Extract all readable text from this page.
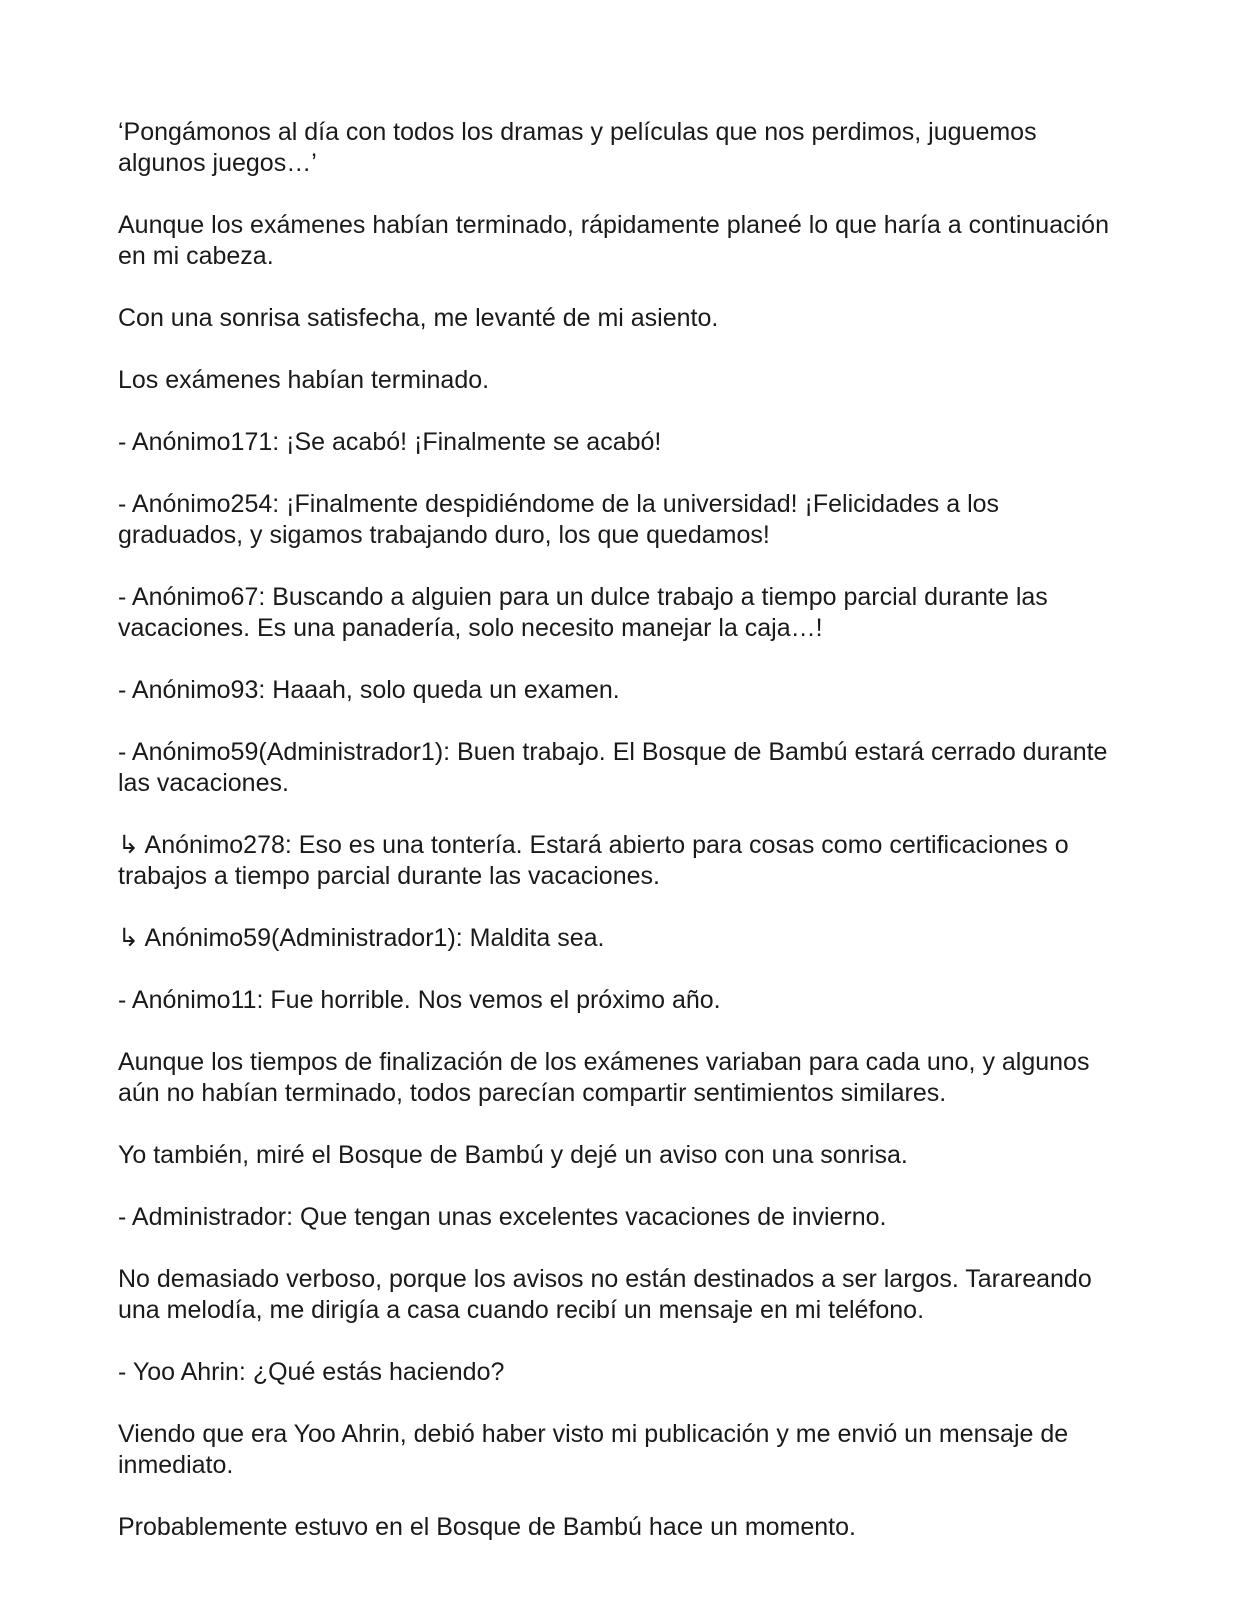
‘Pongámonos al día con todos los dramas y películas que nos perdimos, juguemos algunos juegos…’

Aunque los exámenes habían terminado, rápidamente planeé lo que haría a continuación en mi cabeza.

Con una sonrisa satisfecha, me levanté de mi asiento.

Los exámenes habían terminado.

- Anónimo171: ¡Se acabó! ¡Finalmente se acabó!

- Anónimo254: ¡Finalmente despidiéndome de la universidad! ¡Felicidades a los graduados, y sigamos trabajando duro, los que quedamos!

- Anónimo67: Buscando a alguien para un dulce trabajo a tiempo parcial durante las vacaciones. Es una panadería, solo necesito manejar la caja…!

- Anónimo93: Haaah, solo queda un examen.

- Anónimo59(Administrador1): Buen trabajo. El Bosque de Bambú estará cerrado durante las vacaciones.

↳ Anónimo278: Eso es una tontería. Estará abierto para cosas como certificaciones o trabajos a tiempo parcial durante las vacaciones.

↳ Anónimo59(Administrador1): Maldita sea.

- Anónimo11: Fue horrible. Nos vemos el próximo año.

Aunque los tiempos de finalización de los exámenes variaban para cada uno, y algunos aún no habían terminado, todos parecían compartir sentimientos similares.

Yo también, miré el Bosque de Bambú y dejé un aviso con una sonrisa.

- Administrador: Que tengan unas excelentes vacaciones de invierno.

No demasiado verboso, porque los avisos no están destinados a ser largos. Tarareando una melodía, me dirigía a casa cuando recibí un mensaje en mi teléfono.

- Yoo Ahrin: ¿Qué estás haciendo?

Viendo que era Yoo Ahrin, debió haber visto mi publicación y me envió un mensaje de inmediato.

Probablemente estuvo en el Bosque de Bambú hace un momento.
